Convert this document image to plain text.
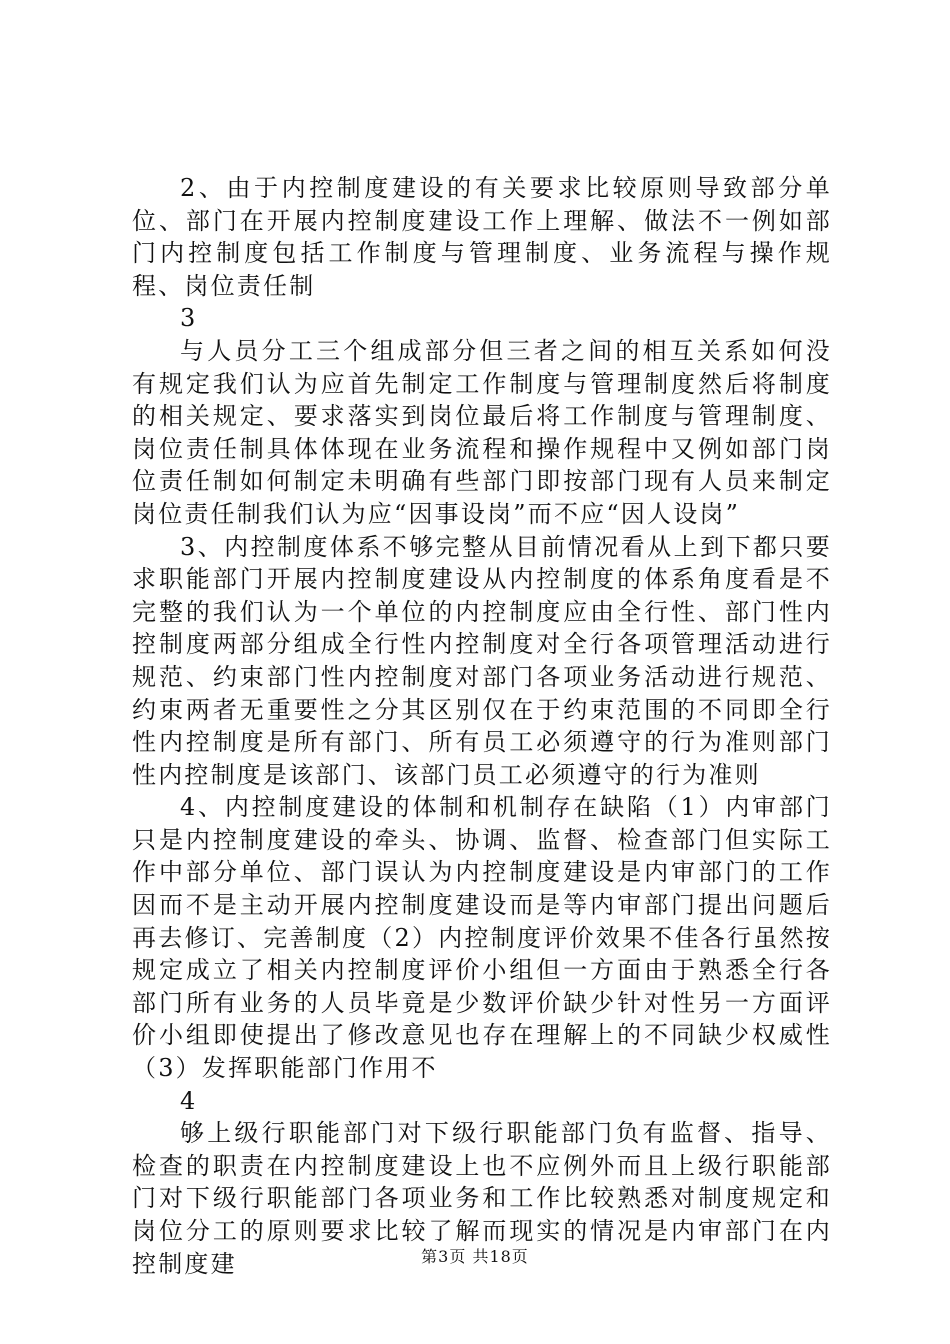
2、由于内控制度建设的有关要求比较原则导致部分单位、部门在开展内控制度建设工作上理解、做法不一例如部门内控制度包括工作制度与管理制度、业务流程与操作规程、岗位责任制

3

与人员分工三个组成部分但三者之间的相互关系如何没有规定我们认为应首先制定工作制度与管理制度然后将制度的相关规定、要求落实到岗位最后将工作制度与管理制度、岗位责任制具体体现在业务流程和操作规程中又例如部门岗位责任制如何制定未明确有些部门即按部门现有人员来制定岗位责任制我们认为应“因事设岗”而不应“因人设岗”

3、内控制度体系不够完整从目前情况看从上到下都只要求职能部门开展内控制度建设从内控制度的体系角度看是不完整的我们认为一个单位的内控制度应由全行性、部门性内控制度两部分组成全行性内控制度对全行各项管理活动进行规范、约束部门性内控制度对部门各项业务活动进行规范、约束两者无重要性之分其区别仅在于约束范围的不同即全行性内控制度是所有部门、所有员工必须遵守的行为准则部门性内控制度是该部门、该部门员工必须遵守的行为准则

4、内控制度建设的体制和机制存在缺陷（1）内审部门只是内控制度建设的牵头、协调、监督、检查部门但实际工作中部分单位、部门误认为内控制度建设是内审部门的工作因而不是主动开展内控制度建设而是等内审部门提出问题后再去修订、完善制度（2）内控制度评价效果不佳各行虽然按规定成立了相关内控制度评价小组但一方面由于熟悉全行各部门所有业务的人员毕竟是少数评价缺少针对性另一方面评价小组即使提出了修改意见也存在理解上的不同缺少权威性（3）发挥职能部门作用不

4

够上级行职能部门对下级行职能部门负有监督、指导、检查的职责在内控制度建设上也不应例外而且上级行职能部门对下级行职能部门各项业务和工作比较熟悉对制度规定和岗位分工的原则要求比较了解而现实的情况是内审部门在内控制度建	第3页 共18页
